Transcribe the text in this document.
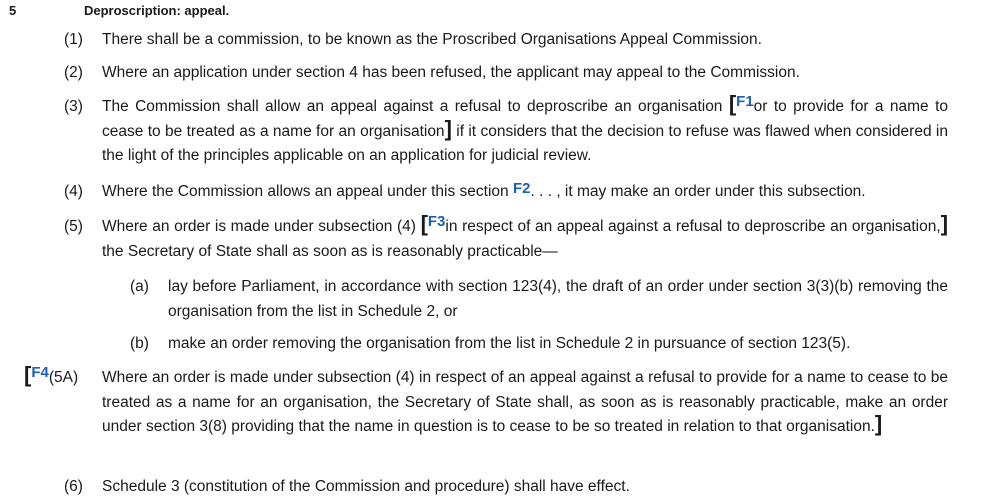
5	Deproscription: appeal.
(1) There shall be a commission, to be known as the Proscribed Organisations Appeal Commission.
(2) Where an application under section 4 has been refused, the applicant may appeal to the Commission.
(3) The Commission shall allow an appeal against a refusal to deproscribe an organisation [F1or to provide for a name to cease to be treated as a name for an organisation] if it considers that the decision to refuse was flawed when considered in the light of the principles applicable on an application for judicial review.
(4) Where the Commission allows an appeal under this section F2. . . , it may make an order under this subsection.
(5) Where an order is made under subsection (4) [F3in respect of an appeal against a refusal to deproscribe an organisation,] the Secretary of State shall as soon as is reasonably practicable—
(a) lay before Parliament, in accordance with section 123(4), the draft of an order under section 3(3)(b) removing the organisation from the list in Schedule 2, or
(b) make an order removing the organisation from the list in Schedule 2 in pursuance of section 123(5).
[F4(5A) Where an order is made under subsection (4) in respect of an appeal against a refusal to provide for a name to cease to be treated as a name for an organisation, the Secretary of State shall, as soon as is reasonably practicable, make an order under section 3(8) providing that the name in question is to cease to be so treated in relation to that organisation.]
(6) Schedule 3 (constitution of the Commission and procedure) shall have effect.
